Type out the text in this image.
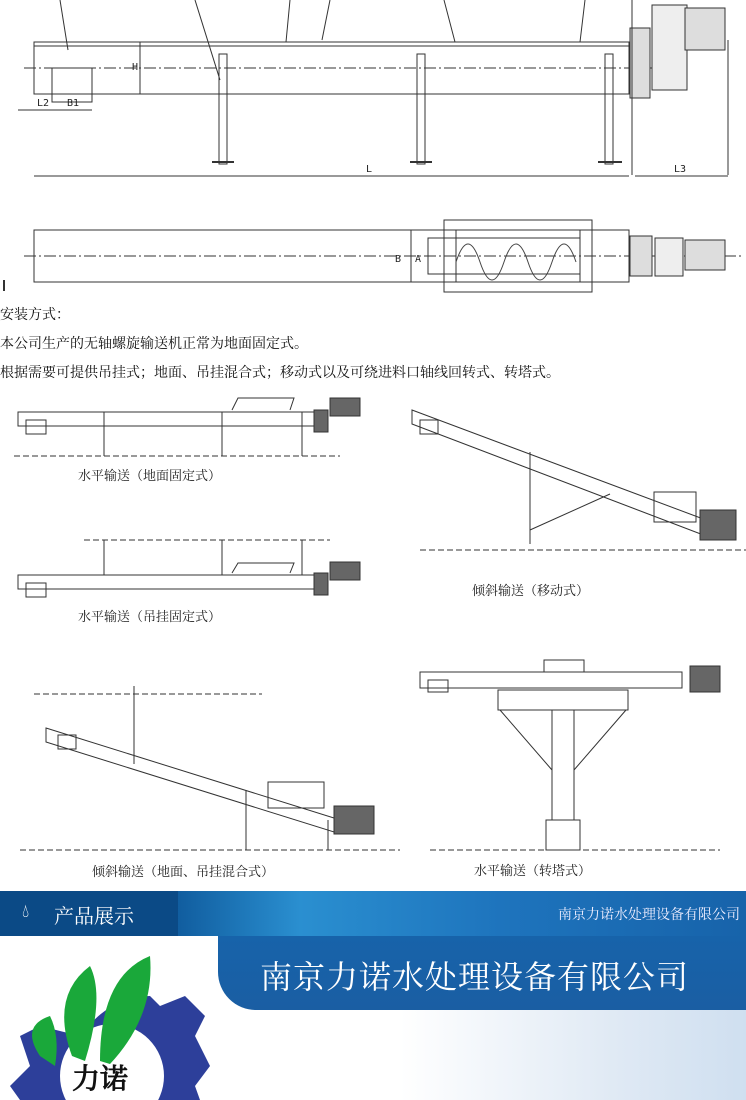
H
L2 B1
L	L3
B A
安装方式：
本公司生产的无轴螺旋输送机正常为地面固定式。
根据需要可提供吊挂式；地面、吊挂混合式；移动式以及可绕进料口轴线回转式、转塔式。
水平输送（地面固定式）
倾斜输送（移动式）
水平输送（吊挂固定式）
倾斜输送（地面、吊挂混合式）	水平输送（转塔式）
💧︎ 产品展示	南京力诺水处理设备有限公司
南京力诺水处理设备有限公司
力诺
